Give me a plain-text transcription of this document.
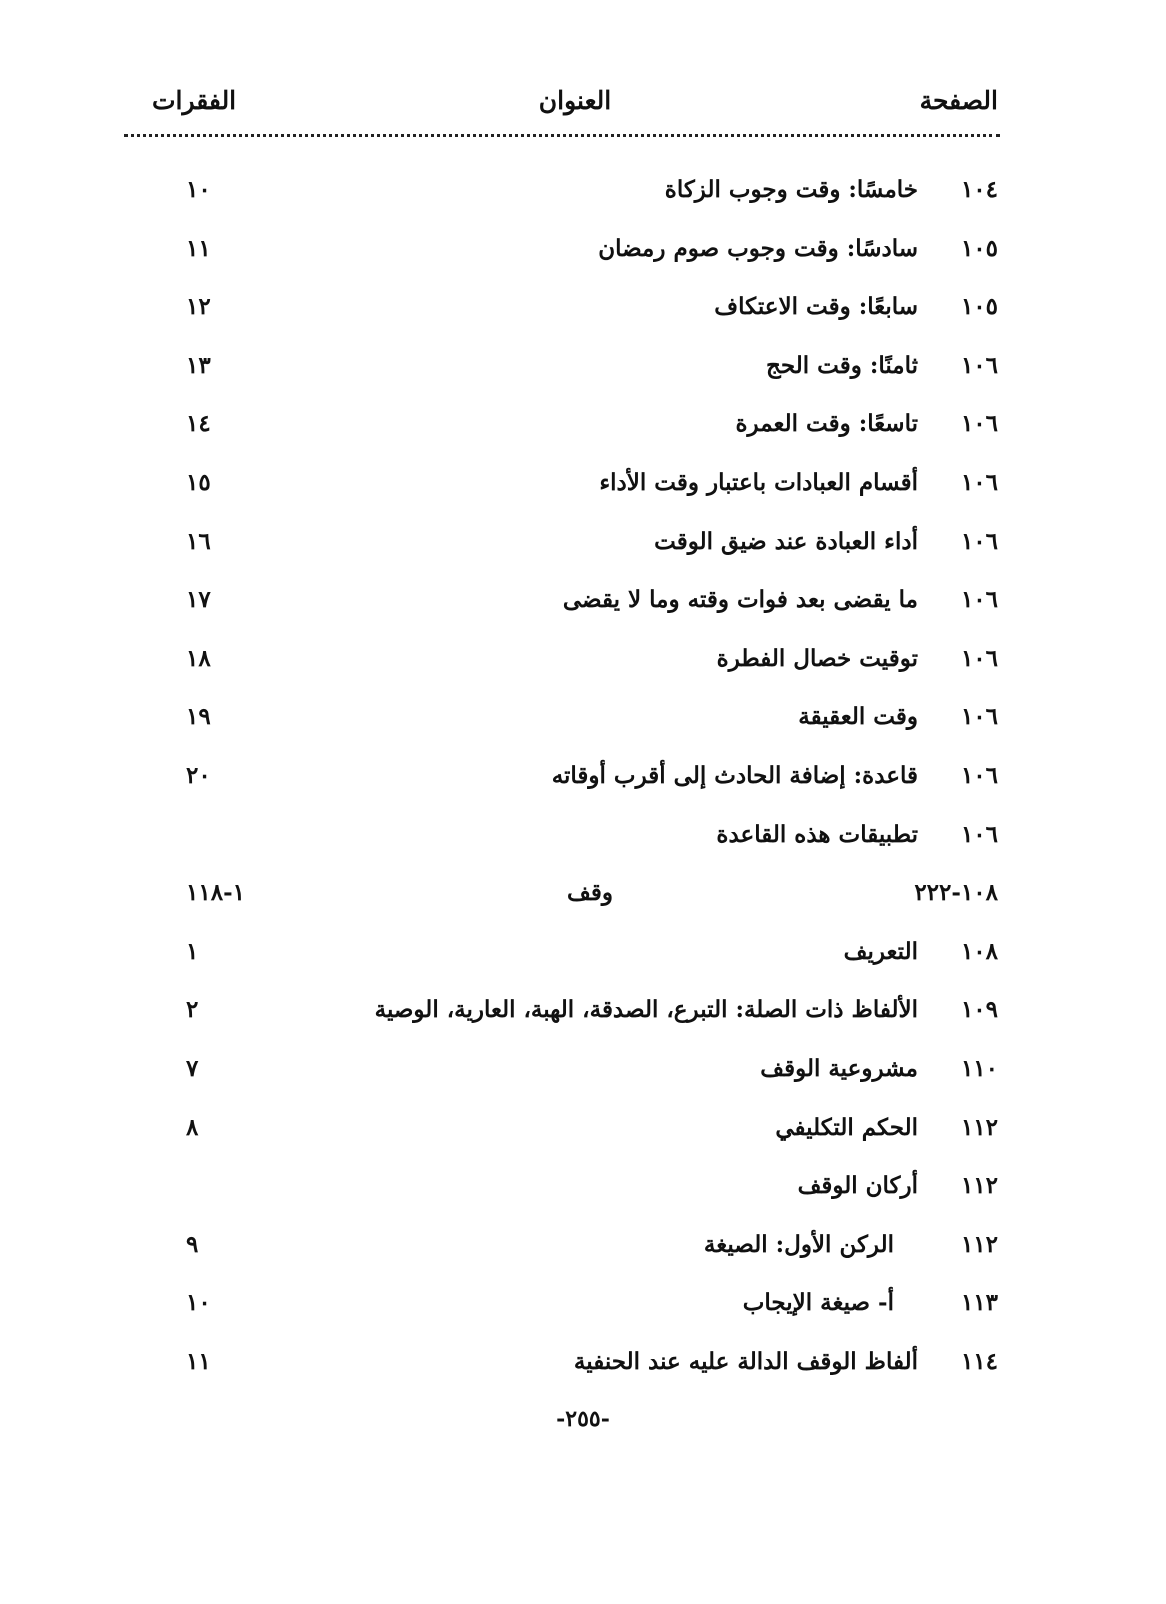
الصفحة
العنوان
الفقرات
١٠٤
خامسًا: وقت وجوب الزكاة
١٠
١٠٥
سادسًا: وقت وجوب صوم رمضان
١١
١٠٥
سابعًا: وقت الاعتكاف
١٢
١٠٦
ثامنًا: وقت الحج
١٣
١٠٦
تاسعًا: وقت العمرة
١٤
١٠٦
أقسام العبادات باعتبار وقت الأداء
١٥
١٠٦
أداء العبادة عند ضيق الوقت
١٦
١٠٦
ما يقضى بعد فوات وقته وما لا يقضى
١٧
١٠٦
توقيت خصال الفطرة
١٨
١٠٦
وقت العقيقة
١٩
١٠٦
قاعدة: إضافة الحادث إلى أقرب أوقاته
٢٠
١٠٦
تطبيقات هذه القاعدة
١٠٨-٢٢٢
وقف
١-١١٨
١٠٨
التعريف
١
١٠٩
الألفاظ ذات الصلة: التبرع، الصدقة، الهبة، العارية، الوصية
٢
١١٠
مشروعية الوقف
٧
١١٢
الحكم التكليفي
٨
١١٢
أركان الوقف
١١٢
الركن الأول: الصيغة
٩
١١٣
أ- صيغة الإيجاب
١٠
١١٤
ألفاظ الوقف الدالة عليه عند الحنفية
١١
-٢٥٥-
